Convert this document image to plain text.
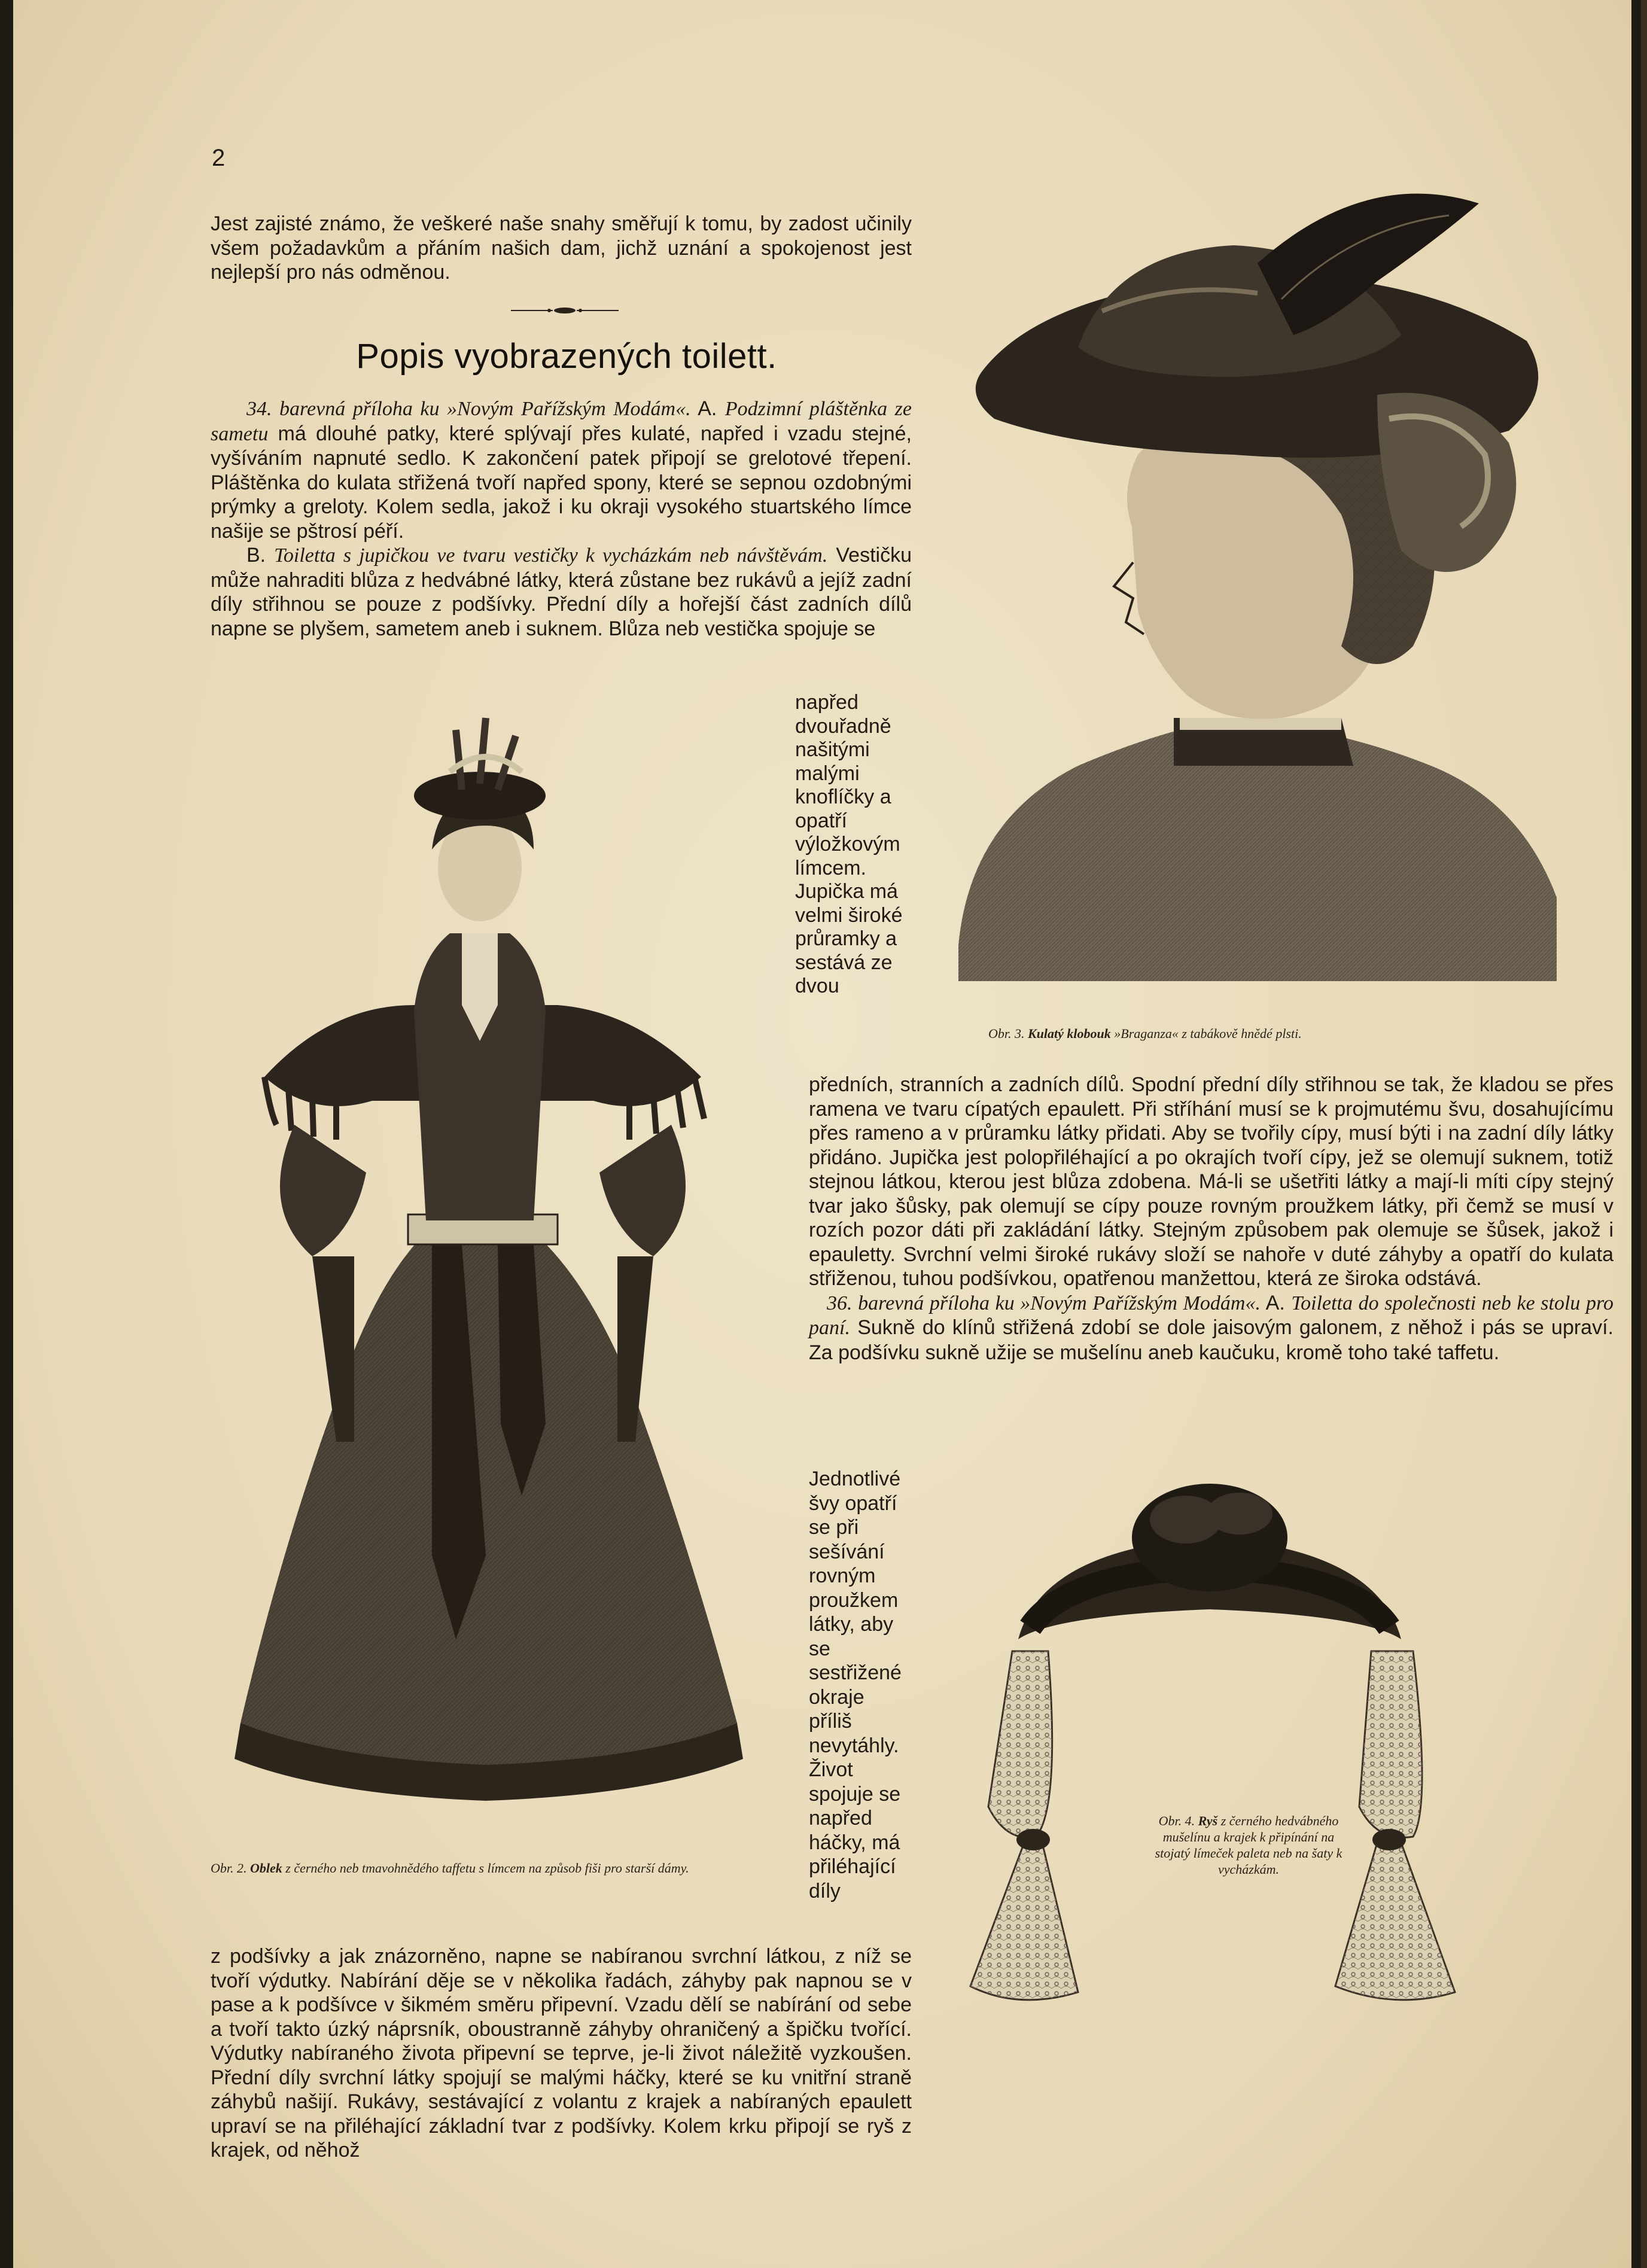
2

Jest zajisté známo, že veškeré naše snahy směřují k tomu, by zadost učinily všem požadavkům a přáním našich dam, jichž uznání a spokojenost jest nejlepší pro nás odměnou.

Popis vyobrazených toilett.

34. barevná příloha ku »Novým Pařížským Modám«. A. Podzimní pláštěnka ze sametu má dlouhé patky, které splývají přes kulaté, napřed i vzadu stejné, vyšíváním napnuté sedlo. K zakončení patek připojí se grelotové třepení. Pláštěnka do kulata střižená tvoří napřed spony, které se sepnou ozdobnými prýmky a greloty. Kolem sedla, jakož i ku okraji vysokého stuartského límce našije se pštrosí péří.

B. Toiletta s jupičkou ve tvaru vestičky k vycházkám neb návštěvám. Vestičku může nahraditi blůza z hedvábné látky, která zůstane bez rukávů a jejíž zadní díly střihnou se pouze z podšívky. Přední díly a hořejší část zadních dílů napne se plyšem, sametem aneb i suknem. Blůza neb vestička spojuje se

napřed dvouřadně našitými malými knoflíčky a opatří výložkovým límcem. Jupička má velmi široké průramky a sestává ze dvou
Obr. 3. Kulatý klobouk »Braganza« z tabákově hnědé plsti.
Obr. 2. Oblek z černého neb tmavohnědého taffetu s límcem na způsob fiši pro starší dámy.

předních, stranních a zadních dílů. Spodní přední díly střihnou se tak, že kladou se přes ramena ve tvaru cípatých epaulett. Při stříhání musí se k projmutému švu, dosahujícímu přes rameno a v průramku látky přidati. Aby se tvořily cípy, musí býti i na zadní díly látky přidáno. Jupička jest polopřiléhající a po okrajích tvoří cípy, jež se olemují suknem, totiž stejnou látkou, kterou jest blůza zdobena. Má-li se ušetřiti látky a mají-li míti cípy stejný tvar jako šůsky, pak olemují se cípy pouze rovným proužkem látky, při čemž se musí v rozích pozor dáti při zakládání látky. Stejným způsobem pak olemuje se šůsek, jakož i epauletty. Svrchní velmi široké rukávy složí se nahoře v duté záhyby a opatří do kulata střiženou, tuhou podšívkou, opatřenou manžettou, která ze široka odstává.

36. barevná příloha ku »Novým Pařížským Modám«. A. Toiletta do společnosti neb ke stolu pro paní. Sukně do klínů střižená zdobí se dole jaisovým galonem, z něhož i pás se upraví. Za podšívku sukně užije se mušelínu aneb kaučuku, kromě toho také taffetu.

Jednotlivé švy opatří se při sešívání rovným proužkem látky, aby se sestřižené okraje příliš nevytáhly. Život spojuje se napřed háčky, má přiléhající díly
Obr. 4. Ryš z černého hedvábného mušelínu a krajek k připínání na stojatý límeček paleta neb na šaty k vycházkám.
z podšívky a jak znázorněno, napne se nabíranou svrchní látkou, z níž se tvoří výdutky. Nabírání děje se v několika řadách, záhyby pak napnou se v pase a k podšívce v šikmém směru připevní. Vzadu dělí se nabírání od sebe a tvoří takto úzký náprsník, oboustranně záhyby ohraničený a špičku tvořící. Výdutky nabíraného života připevní se teprve, je-li život náležitě vyzkoušen. Přední díly svrchní látky spojují se malými háčky, které se ku vnitřní straně záhybů našijí. Rukávy, sestávající z volantu z krajek a nabíraných epaulett upraví se na přiléhající základní tvar z podšívky. Kolem krku připojí se ryš z krajek, od něhož
